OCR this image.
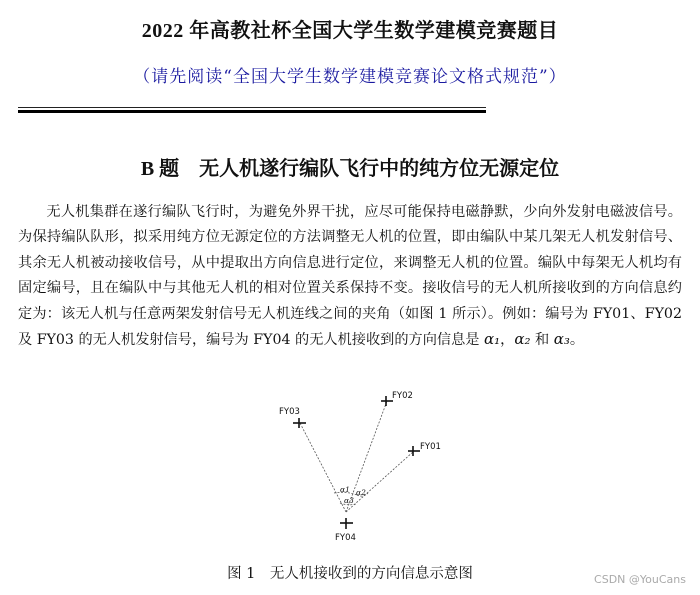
2022 年高教社杯全国大学生数学建模竞赛题目
（请先阅读“全国大学生数学建模竞赛论文格式规范”）
B 题　无人机遂行编队飞行中的纯方位无源定位

无人机集群在遂行编队飞行时，为避免外界干扰，应尽可能保持电磁静默，少向外发射电磁波信号。为保持编队队形，拟采用纯方位无源定位的方法调整无人机的位置，即由编队中某几架无人机发射信号、其余无人机被动接收信号，从中提取出方向信息进行定位，来调整无人机的位置。编队中每架无人机均有固定编号，且在编队中与其他无人机的相对位置关系保持不变。接收信号的无人机所接收到的方向信息约定为：该无人机与任意两架发射信号无人机连线之间的夹角（如图 1 所示）。例如：编号为 FY01、FY02 及 FY03 的无人机发射信号，编号为 FY04 的无人机接收到的方向信息是 α₁，α₂ 和 α₃。

FY03
FY02
FY01
FY04
α1 α2
α3
图 1　无人机接收到的方向信息示意图	CSDN @YouCans
